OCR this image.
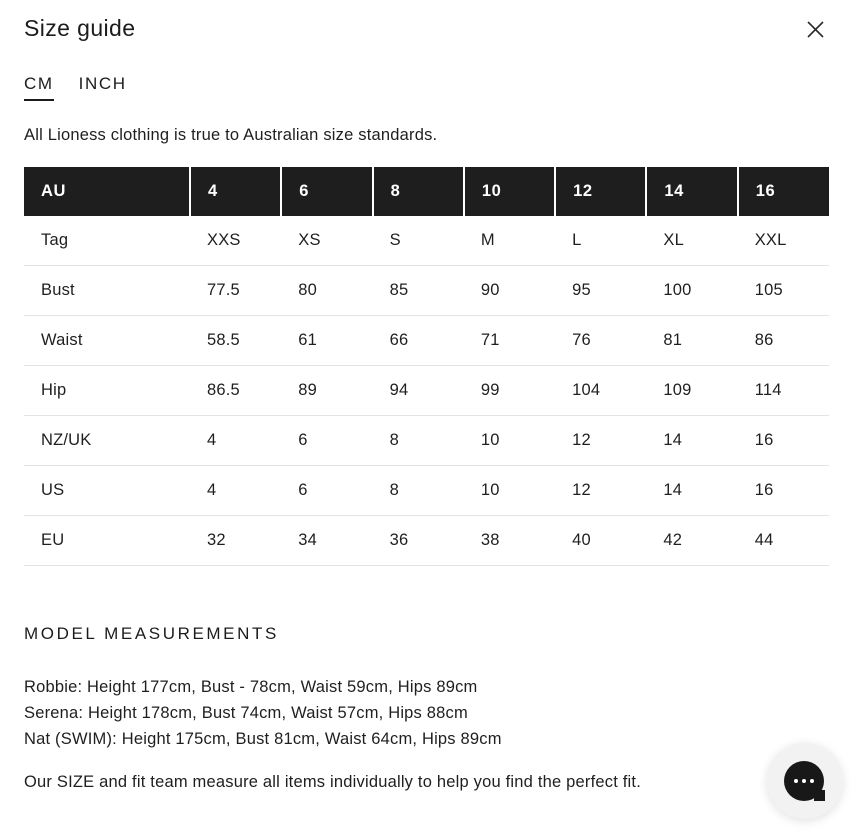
Size guide
CM INCH

All Lioness clothing is true to Australian size standards.

AU	4	6	8	10	12	14	16
Tag	XXS	XS	S	M	L	XL	XXL
Bust	77.5	80	85	90	95	100	105
Waist	58.5	61	66	71	76	81	86
Hip	86.5	89	94	99	104	109	114
NZ/UK	4	6	8	10	12	14	16
US	4	6	8	10	12	14	16
EU	32	34	36	38	40	42	44
MODEL MEASUREMENTS

Robbie: Height 177cm, Bust - 78cm, Waist 59cm, Hips 89cm

Serena: Height 178cm, Bust 74cm, Waist 57cm, Hips 88cm

Nat (SWIM): Height 175cm, Bust 81cm, Waist 64cm, Hips 89cm

Our SIZE and fit team measure all items individually to help you find the perfect fit.
